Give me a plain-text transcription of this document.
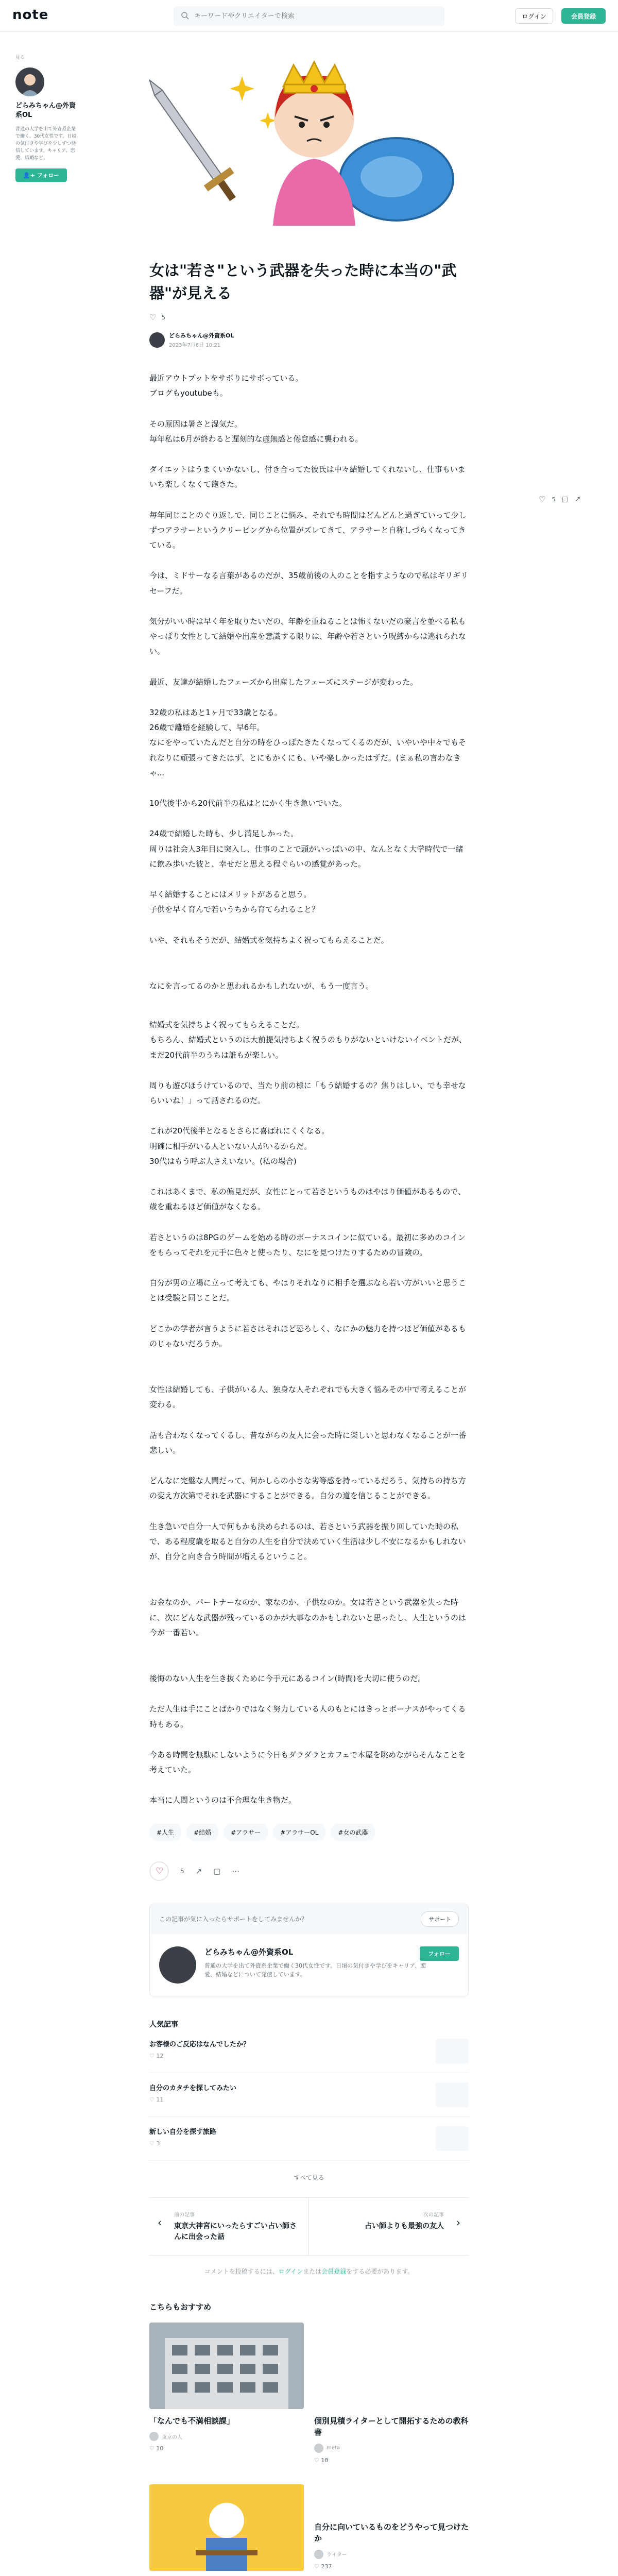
note
キーワードやクリエイターで検索	ログイン	会員登録
見る
どらみちゃん@外資系OL
普通の大学を出て外資系企業で働く、30代女性です。日頃の気付きや学びを少しずつ発信しています。キャリア、恋愛、結婚など。
👤+ フォロー
♡ 5 ▢ ↗
女は"若さ"という武器を失った時に本当の"武器"が見える
♡ 5
どらみちゃん@外資系OL
2023年7月6日 10:21

最近アウトプットをサボりにサボっている。
ブログもyoutubeも。

その原因は暑さと湿気だ。
毎年私は6月が終わると遅刻的な虚無感と倦怠感に襲われる。

ダイエットはうまくいかないし、付き合ってた彼氏は中々結婚してくれないし、仕事もいまいち楽しくなくて飽きた。

毎年同じことのぐり返しで、同じことに悩み、それでも時間はどんどんと過ぎていって少しずつアラサーというクリーピングから位置がズレてきて、アラサーと自称しづらくなってきている。

今は、ミドサーなる言葉があるのだが、35歳前後の人のことを指すようなので私はギリギリセーフだ。

気分がいい時は早く年を取りたいだの、年齢を重ねることは怖くないだの豪言を並べる私もやっぱり女性として結婚や出産を意識する限りは、年齢や若さという呪縛からは逃れられない。

最近、友達が結婚したフェーズから出産したフェーズにステージが変わった。

32歳の私はあと1ヶ月で33歳となる。
26歳で離婚を経験して、早6年。
なにをやっていたんだと自分の時をひっぱたきたくなってくるのだが、いやいや中々でもそれなりに頑張ってきたはず、とにもかくにも、いや楽しかったはずだ。(まぁ私の言わなきゃ...

10代後半から20代前半の私はとにかく生き急いでいた。

24歳で結婚した時も、少し満足しかった。
周りは社会人3年目に突入し、仕事のことで頭がいっぱいの中、なんとなく大学時代で一緒に飲み歩いた彼と、幸せだと思える程ぐらいの感覚があった。

早く結婚することにはメリットがあると思う。
子供を早く育んで若いうちから育てられること？

いや、それもそうだが、結婚式を気持ちよく祝ってもらえることだ。

なにを言ってるのかと思われるかもしれないが、もう一度言う。

結婚式を気持ちよく祝ってもらえることだ。
もちろん、結婚式というのは大前提気持ちよく祝うのもりがないといけないイベントだが、まだ20代前半のうちは誰もが楽しい。

周りも遊びほうけているので、当たり前の様に「もう結婚するの？焦りはしい、でも幸せならいいね！」って話されるのだ。

これが20代後半となるとさらに喜ばれにくくなる。
明確に相手がいる人といない人がいるからだ。
30代はもう呼ぶ人さえいない。(私の場合)

これはあくまで、私の偏見だが、女性にとって若さというものはやはり価値があるもので、歳を重ねるほど価値がなくなる。

若さというのは8PGのゲームを始める時のボーナスコインに似ている。最初に多めのコインをもらってそれを元手に色々と使ったり、なにを見つけたりするための冒険の。

自分が男の立場に立って考えても、やはりそれなりに相手を選ぶなら若い方がいいと思うことは受験と同じことだ。

どこかの学者が言うように若さはそれほど恐ろしく、なにかの魅力を持つほど価値があるものじゃないだろうか。

女性は結婚しても、子供がいる人、独身な人それぞれでも大きく悩みその中で考えることが変わる。

話も合わなくなってくるし、昔ながらの友人に会った時に楽しいと思わなくなることが一番悲しい。

どんなに完璧な人間だって、何かしらの小さな劣等感を持っているだろう、気持ちの持ち方の変え方次第でそれを武器にすることができる。自分の道を信じることができる。

生き急いで自分一人で何もかも決められるのは、若さという武器を振り回していた時の私で、ある程度歳を取ると自分の人生を自分で決めていく生活は少し不安になるかもしれないが、自分と向き合う時間が増えるということ。

お金なのか、パートナーなのか、家なのか、子供なのか。女は若さという武器を失った時に、次にどんな武器が残っているのかが大事なのかもしれないと思ったし、人生というのは今が一番若い。

後悔のない人生を生き抜くために今手元にあるコイン(時間)を大切に使うのだ。

ただ人生は手にことばかりではなく努力している人のもとにはきっとボーナスがやってくる時もある。

今ある時間を無駄にしないように今日もダラダラとカフェで本屋を眺めながらそんなことを考えていた。

本当に人間というのは不合理な生き物だ。

#人生	#結婚	#アラサー	#アラサーOL	#女の武器
♡	5 ↗ ▢ ⋯
この記事が気に入ったらサポートをしてみませんか？	サポート
どらみちゃん@外資系OL
普通の大学を出て外資系企業で働く30代女性です。日頃の気付きや学びをキャリア、恋愛、結婚などについて発信しています。
フォロー
人気記事
お客様のご反応はなんでしたか？
♡ 12
自分のカタチを探してみたい
♡ 11
新しい自分を探す旅路
♡ 3
すべて見る
‹
前の記事
東京大神宮にいったらすごい占い師さんに出会った話
›
次の記事
占い師よりも最強の友人
コメントを投稿するには、ログインまたは会員登録をする必要があります。
こちらもおすすめ
「なんでも不満相談課」
東京の人
♡ 10
個別見積ライターとして開拓するための教科書
meta
♡ 18
自分に向いているものをどうやって見つけたか
ライター
♡ 237
